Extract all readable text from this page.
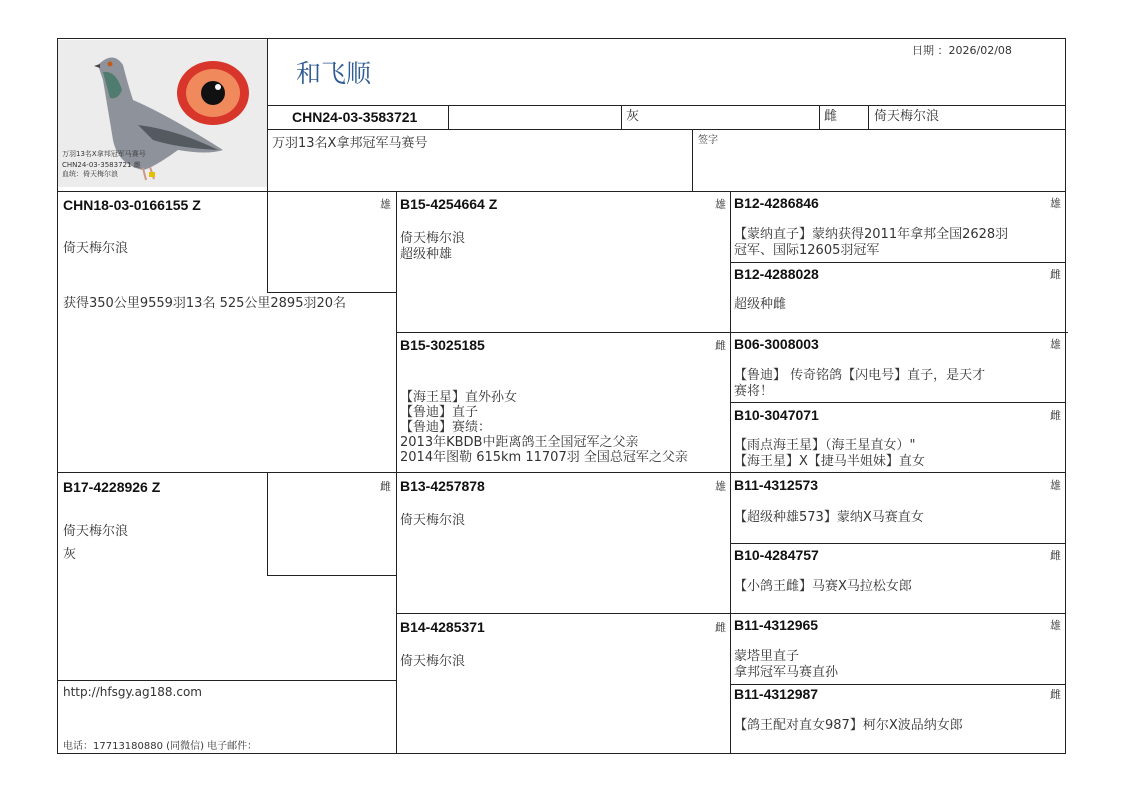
万羽13名X拿邦冠军马赛号
CHN24-03-3583721 雌
血统：倚天梅尔浪
和飞顺
日期 ：2026/02/08
CHN24-03-3583721	灰	雌	倚天梅尔浪
万羽13名X拿邦冠军马赛号	签字
CHN18-03-0166155 Z
倚天梅尔浪
获得350公里9559羽13名 525公里2895羽20名
雄
B17-4228926 Z
倚天梅尔浪
灰
雌
B15-4254664 Z
倚天梅尔浪
超级种雄
雄
B15-3025185
【海王星】直外孙女
【鲁迪】直子
【鲁迪】赛绩：
2013年KBDB中距离鸽王全国冠军之父亲
2014年图勒 615km 11707羽 全国总冠军之父亲
雌
B13-4257878
倚天梅尔浪
雄
B14-4285371
倚天梅尔浪
雌
B12-4286846
【蒙纳直子】蒙纳获得2011年拿邦全国2628羽
冠军、国际12605羽冠军
雄
B12-4288028
超级种雌
雌
B06-3008003
【鲁迪】 传奇铭鸽【闪电号】直子，是天才
赛将！
雄
B10-3047071
【雨点海王星】（海王星直女）"
【海王星】X【捷马半姐妹】直女
雌
B11-4312573
【超级种雄573】蒙纳X马赛直女
雄
B10-4284757
【小鸽王雌】马赛X马拉松女郎
雌
B11-4312965
蒙塔里直子
拿邦冠军马赛直孙
雄
B11-4312987
【鸽王配对直女987】柯尔X波品纳女郎
雌
http://hfsgy.ag188.com
电话：17713180880 (同微信) 电子邮件：
